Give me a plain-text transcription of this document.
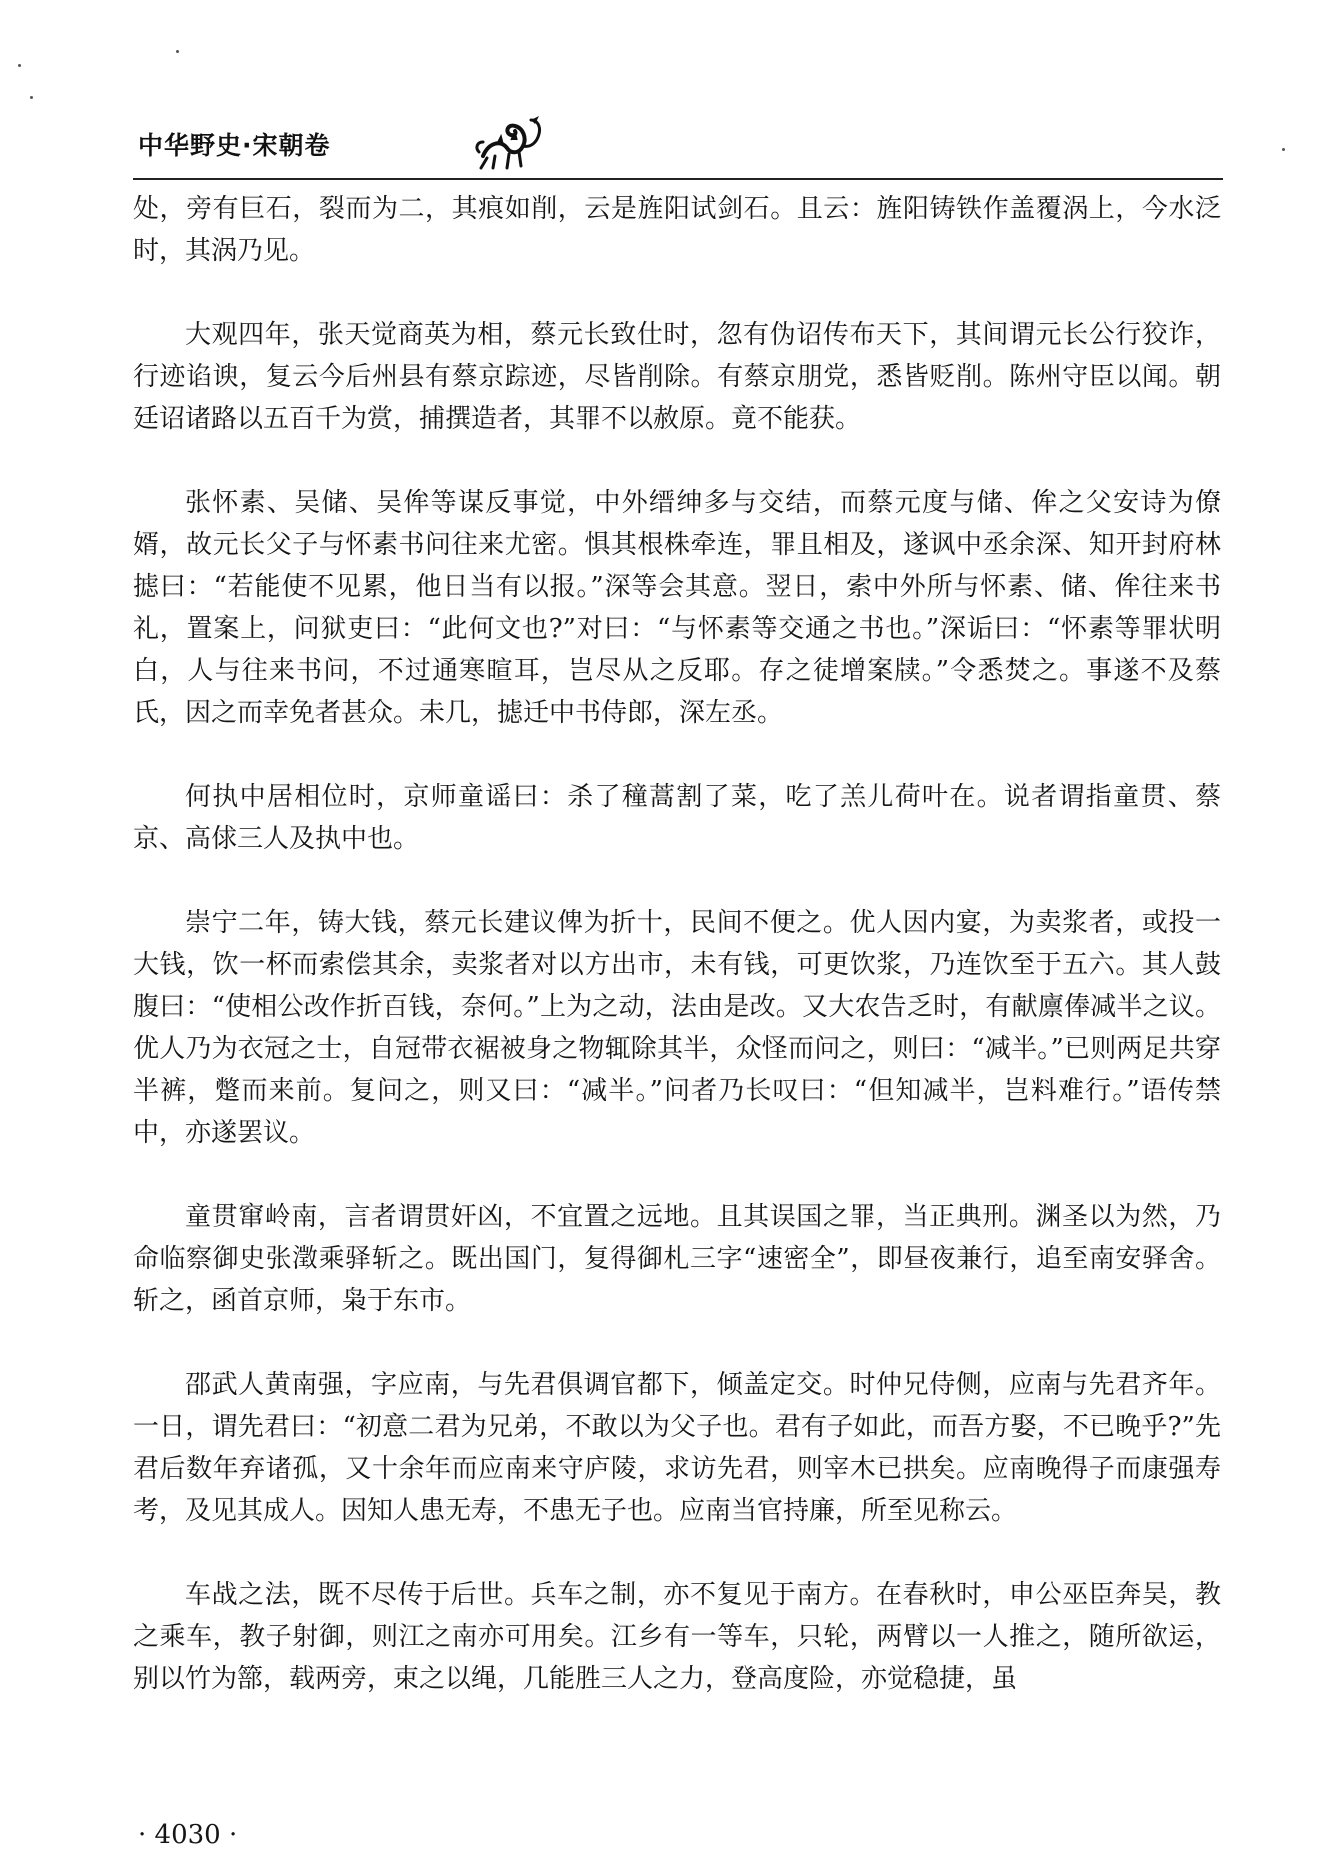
中华野史·宋朝卷

处，旁有巨石，裂而为二，其痕如削，云是旌阳试剑石。且云：旌阳铸铁作盖覆涡上，今水泛时，其涡乃见。

大观四年，张天觉商英为相，蔡元长致仕时，忽有伪诏传布天下，其间谓元长公行狡诈，行迹谄谀，复云今后州县有蔡京踪迹，尽皆削除。有蔡京朋党，悉皆贬削。陈州守臣以闻。朝廷诏诸路以五百千为赏，捕撰造者，其罪不以赦原。竟不能获。

张怀素、吴储、吴侔等谋反事觉，中外缙绅多与交结，而蔡元度与储、侔之父安诗为僚婿，故元长父子与怀素书问往来尤密。惧其根株牵连，罪且相及，遂讽中丞余深、知开封府林摅曰：“若能使不见累，他日当有以报。”深等会其意。翌日，索中外所与怀素、储、侔往来书礼，置案上，问狱吏曰：“此何文也?”对曰：“与怀素等交通之书也。”深诟曰：“怀素等罪状明白，人与往来书问，不过通寒暄耳，岂尽从之反耶。存之徒增案牍。”令悉焚之。事遂不及蔡氏，因之而幸免者甚众。未几，摅迁中书侍郎，深左丞。

何执中居相位时，京师童谣曰：杀了穜蒿割了菜，吃了羔儿荷叶在。说者谓指童贯、蔡京、高俅三人及执中也。

崇宁二年，铸大钱，蔡元长建议俾为折十，民间不便之。优人因内宴，为卖浆者，或投一大钱，饮一杯而索偿其余，卖浆者对以方出市，未有钱，可更饮浆，乃连饮至于五六。其人鼓腹曰：“使相公改作折百钱，奈何。”上为之动，法由是改。又大农告乏时，有献廪俸减半之议。优人乃为衣冠之士，自冠带衣裾被身之物辄除其半，众怪而问之，则曰：“减半。”已则两足共穿半裤，蹩而来前。复问之，则又曰：“减半。”问者乃长叹曰：“但知减半，岂料难行。”语传禁中，亦遂罢议。

童贯窜岭南，言者谓贯奸凶，不宜置之远地。且其误国之罪，当正典刑。渊圣以为然，乃命临察御史张澂乘驿斩之。既出国门，复得御札三字“速密全”，即昼夜兼行，追至南安驿舍。斩之，函首京师，枭于东市。

邵武人黄南强，字应南，与先君俱调官都下，倾盖定交。时仲兄侍侧，应南与先君齐年。一日，谓先君曰：“初意二君为兄弟，不敢以为父子也。君有子如此，而吾方娶，不已晚乎?”先君后数年弃诸孤，又十余年而应南来守庐陵，求访先君，则宰木已拱矣。应南晚得子而康强寿考，及见其成人。因知人患无寿，不患无子也。应南当官持廉，所至见称云。

车战之法，既不尽传于后世。兵车之制，亦不复见于南方。在春秋时，申公巫臣奔吴，教之乘车，教子射御，则江之南亦可用矣。江乡有一等车，只轮，两臂以一人推之，随所欲运，别以竹为篰，载两旁，束之以绳，几能胜三人之力，登高度险，亦觉稳捷，虽

· 4030 ·
